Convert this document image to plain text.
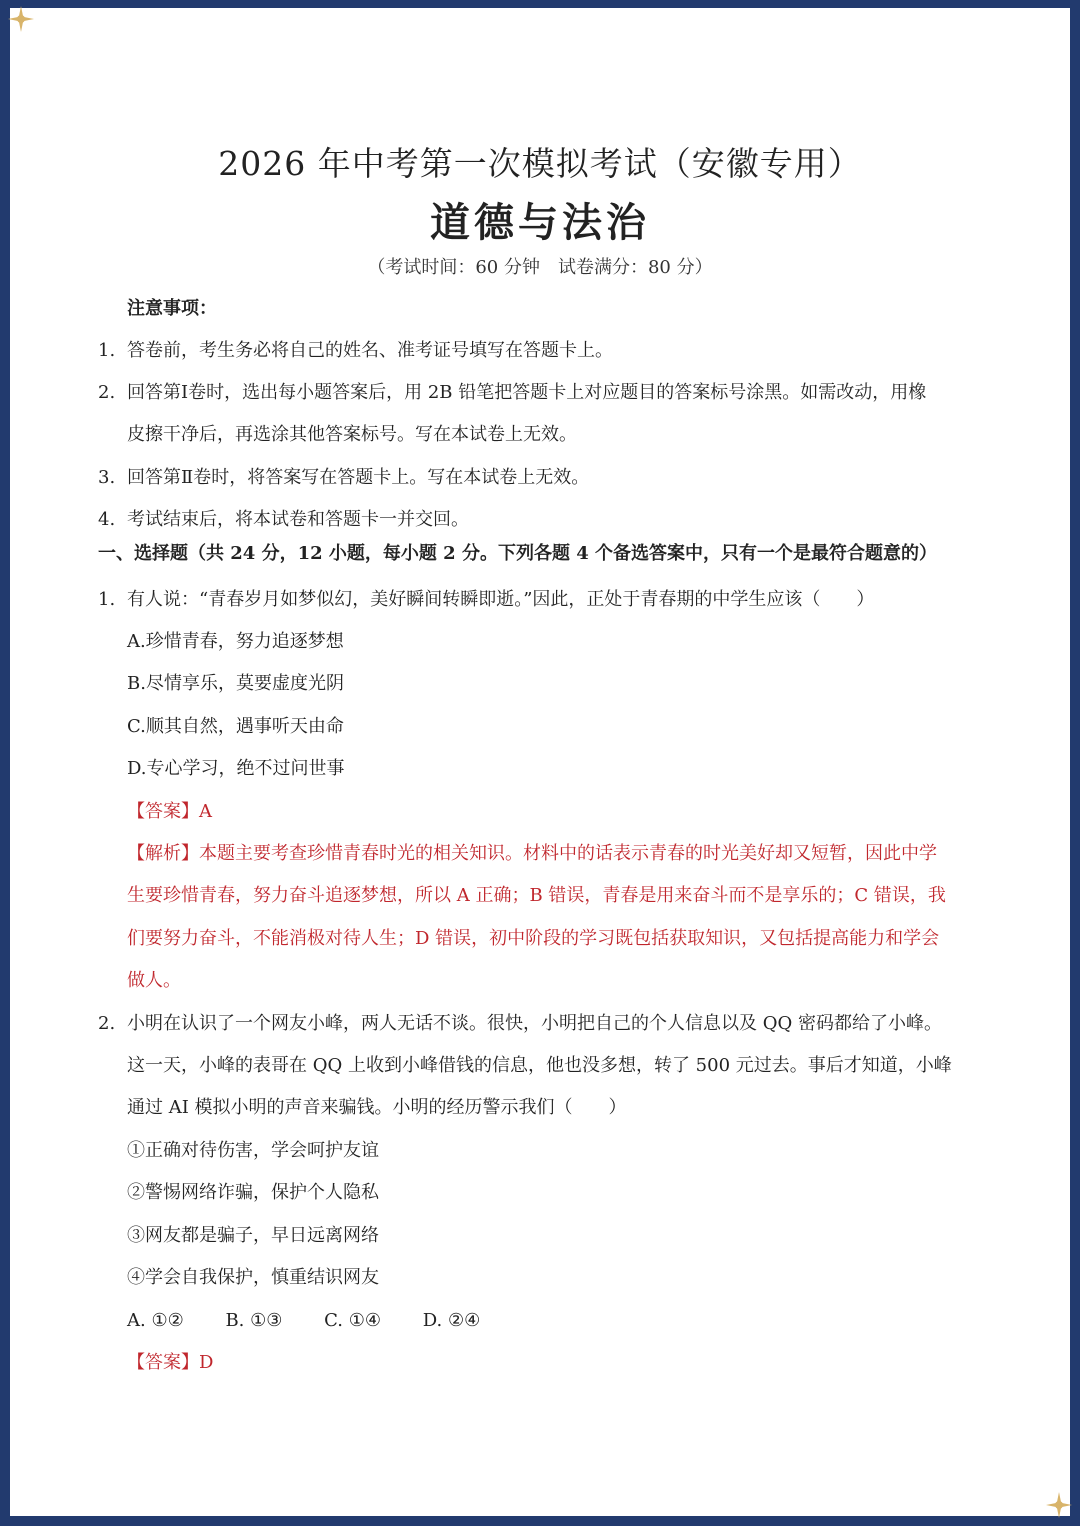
2026 年中考第一次模拟考试（安徽专用）
道德与法治
（考试时间：60 分钟　试卷满分：80 分）
注意事项：
1. 答卷前，考生务必将自己的姓名、准考证号填写在答题卡上。
2. 回答第Ⅰ卷时，选出每小题答案后，用 2B 铅笔把答题卡上对应题目的答案标号涂黑。如需改动，用橡
皮擦干净后，再选涂其他答案标号。写在本试卷上无效。
3. 回答第Ⅱ卷时，将答案写在答题卡上。写在本试卷上无效。
4. 考试结束后，将本试卷和答题卡一并交回。
一、选择题（共 24 分，12 小题，每小题 2 分。下列各题 4 个备选答案中，只有一个是最符合题意的）
1. 有人说：“青春岁月如梦似幻，美好瞬间转瞬即逝。”因此，正处于青春期的中学生应该（　　）
A.珍惜青春，努力追逐梦想
B.尽情享乐，莫要虚度光阴
C.顺其自然，遇事听天由命
D.专心学习，绝不过问世事
【答案】A
【解析】本题主要考查珍惜青春时光的相关知识。材料中的话表示青春的时光美好却又短暂，因此中学
生要珍惜青春，努力奋斗追逐梦想，所以 A 正确；B 错误，青春是用来奋斗而不是享乐的；C 错误，我
们要努力奋斗，不能消极对待人生；D 错误，初中阶段的学习既包括获取知识，又包括提高能力和学会
做人。
2. 小明在认识了一个网友小峰，两人无话不谈。很快，小明把自己的个人信息以及 QQ 密码都给了小峰。
这一天，小峰的表哥在 QQ 上收到小峰借钱的信息，他也没多想，转了 500 元过去。事后才知道，小峰
通过 AI 模拟小明的声音来骗钱。小明的经历警示我们（　　）
①正确对待伤害，学会呵护友谊
②警惕网络诈骗，保护个人隐私
③网友都是骗子，早日远离网络
④学会自我保护，慎重结识网友
A. ①② B. ①③ C. ①④ D. ②④
【答案】D
